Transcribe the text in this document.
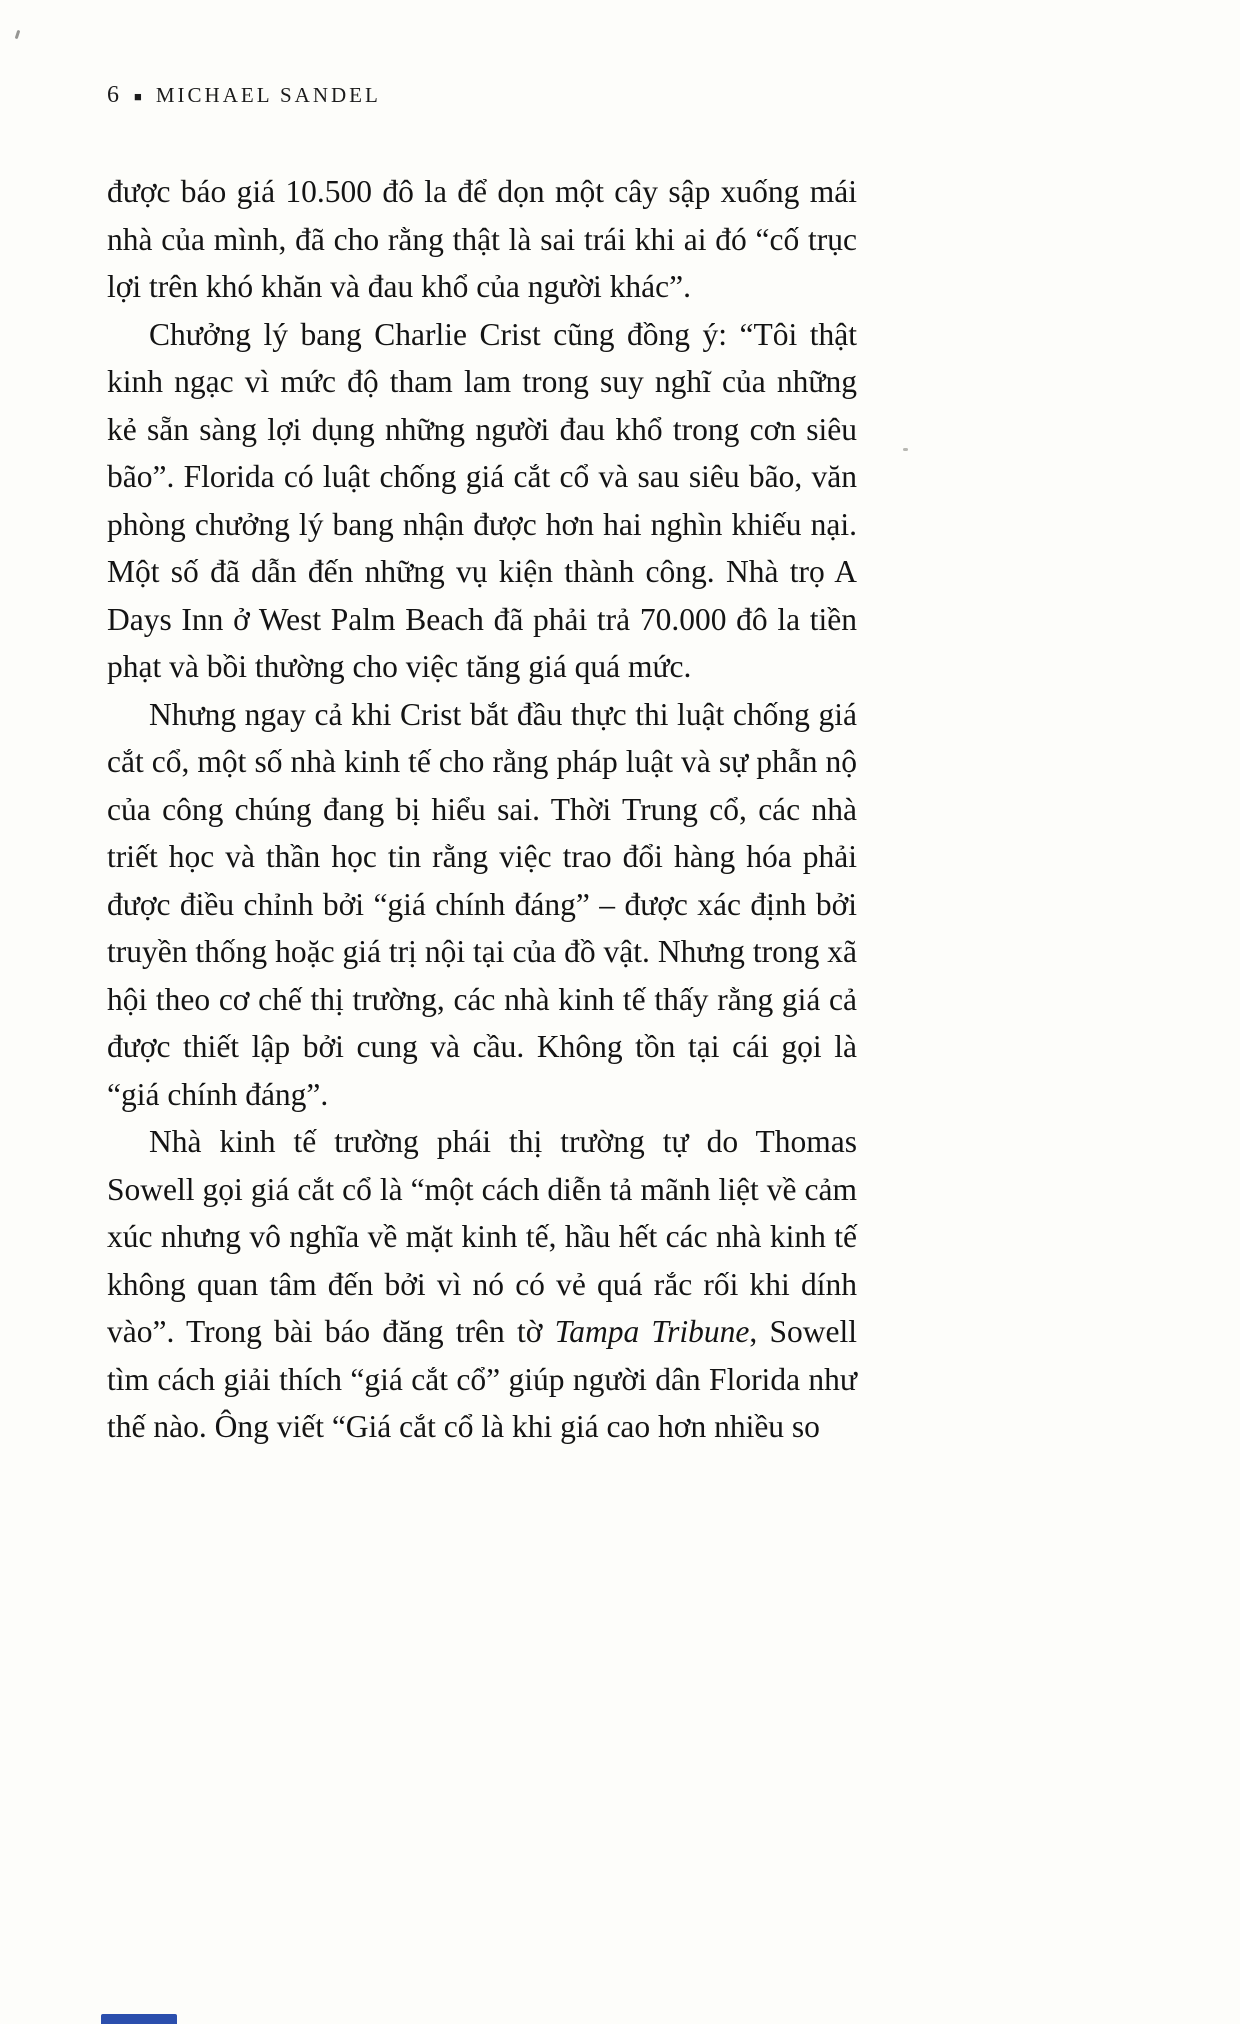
6 ■ MICHAEL SANDEL

được báo giá 10.500 đô la để dọn một cây sập xuống mái nhà của mình, đã cho rằng thật là sai trái khi ai đó “cố trục lợi trên khó khăn và đau khổ của người khác”.

Chưởng lý bang Charlie Crist cũng đồng ý: “Tôi thật kinh ngạc vì mức độ tham lam trong suy nghĩ của những kẻ sẵn sàng lợi dụng những người đau khổ trong cơn siêu bão”. Florida có luật chống giá cắt cổ và sau siêu bão, văn phòng chưởng lý bang nhận được hơn hai nghìn khiếu nại. Một số đã dẫn đến những vụ kiện thành công. Nhà trọ A Days Inn ở West Palm Beach đã phải trả 70.000 đô la tiền phạt và bồi thường cho việc tăng giá quá mức.

Nhưng ngay cả khi Crist bắt đầu thực thi luật chống giá cắt cổ, một số nhà kinh tế cho rằng pháp luật và sự phẫn nộ của công chúng đang bị hiểu sai. Thời Trung cổ, các nhà triết học và thần học tin rằng việc trao đổi hàng hóa phải được điều chỉnh bởi “giá chính đáng” – được xác định bởi truyền thống hoặc giá trị nội tại của đồ vật. Nhưng trong xã hội theo cơ chế thị trường, các nhà kinh tế thấy rằng giá cả được thiết lập bởi cung và cầu. Không tồn tại cái gọi là “giá chính đáng”.

Nhà kinh tế trường phái thị trường tự do Thomas Sowell gọi giá cắt cổ là “một cách diễn tả mãnh liệt về cảm xúc nhưng vô nghĩa về mặt kinh tế, hầu hết các nhà kinh tế không quan tâm đến bởi vì nó có vẻ quá rắc rối khi dính vào”. Trong bài báo đăng trên tờ Tampa Tribune, Sowell tìm cách giải thích “giá cắt cổ” giúp người dân Florida như thế nào. Ông viết “Giá cắt cổ là khi giá cao hơn nhiều so
